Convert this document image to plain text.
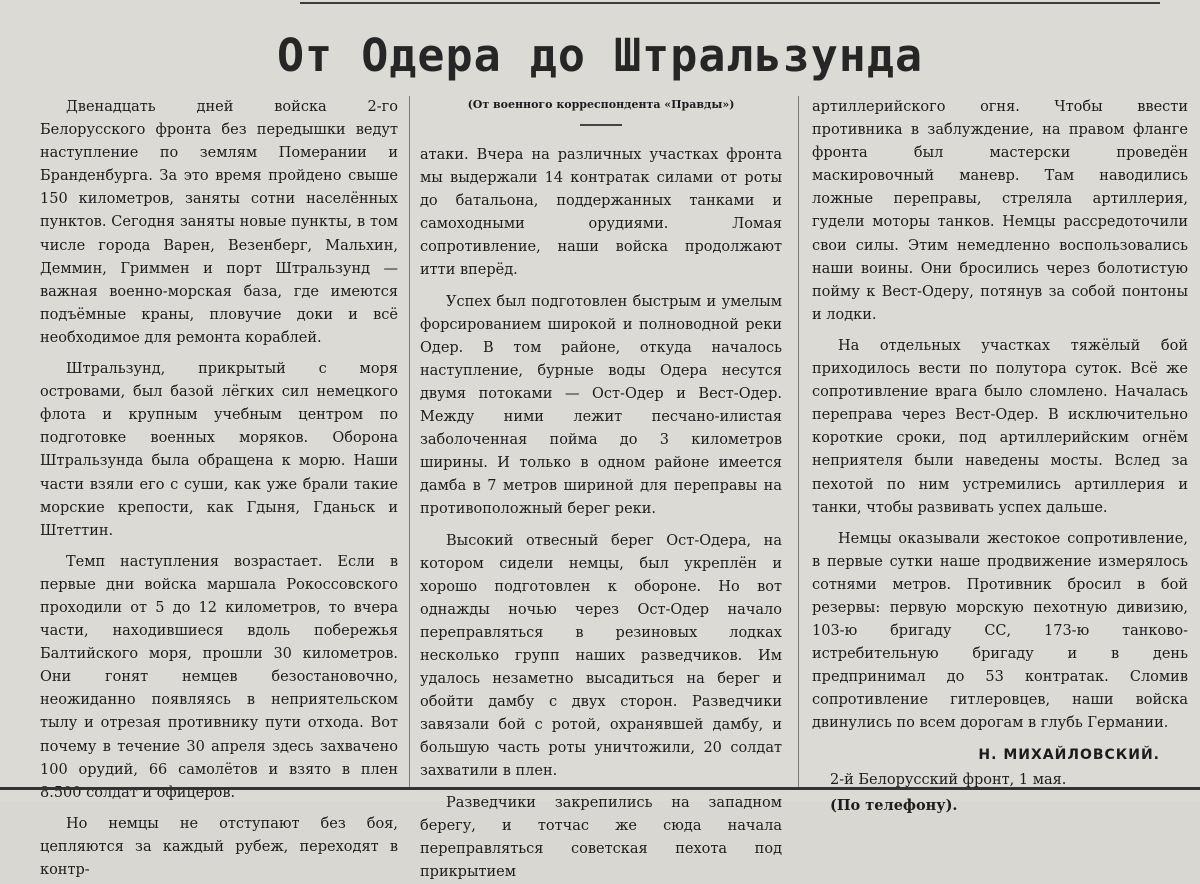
От Одера до Штральзунда

Двенадцать дней войска 2-го Белорусского фронта без передышки ведут наступление по землям Померании и Бранденбурга. За это время пройдено свыше 150 километров, заняты сотни населённых пунктов. Сегодня заняты новые пункты, в том числе города Варен, Везенберг, Мальхин, Деммин, Гриммен и порт Штральзунд — важная военно-морская база, где имеются подъёмные краны, пловучие доки и всё необходимое для ремонта кораблей.

Штральзунд, прикрытый с моря островами, был базой лёгких сил немецкого флота и крупным учебным центром по подготовке военных моряков. Оборона Штральзунда была обращена к морю. Наши части взяли его с суши, как уже брали такие морские крепости, как Гдыня, Гданьск и Штеттин.

Темп наступления возрастает. Если в первые дни войска маршала Рокоссовского проходили от 5 до 12 километров, то вчера части, находившиеся вдоль побережья Балтийского моря, прошли 30 километров. Они гонят немцев безостановочно, неожиданно появляясь в неприятельском тылу и отрезая противнику пути отхода. Вот почему в течение 30 апреля здесь захвачено 100 орудий, 66 самолётов и взято в плен 8.500 солдат и офицеров.

Но немцы не отступают без боя, цепляются за каждый рубеж, переходят в контр-

(От военного корреспондента «Правды»)

атаки. Вчера на различных участках фронта мы выдержали 14 контратак силами от роты до батальона, поддержанных танками и самоходными орудиями. Ломая сопротивление, наши войска продолжают итти вперёд.

Успех был подготовлен быстрым и умелым форсированием широкой и полноводной реки Одер. В том районе, откуда началось наступление, бурные воды Одера несутся двумя потоками — Ост-Одер и Вест-Одер. Между ними лежит песчано-илистая заболоченная пойма до 3 километров ширины. И только в одном районе имеется дамба в 7 метров шириной для переправы на противоположный берег реки.

Высокий отвесный берег Ост-Одера, на котором сидели немцы, был укреплён и хорошо подготовлен к обороне. Но вот однажды ночью через Ост-Одер начало переправляться в резиновых лодках несколько групп наших разведчиков. Им удалось незаметно высадиться на берег и обойти дамбу с двух сторон. Разведчики завязали бой с ротой, охранявшей дамбу, и большую часть роты уничтожили, 20 солдат захватили в плен.

Разведчики закрепились на западном берегу, и тотчас же сюда начала переправляться советская пехота под прикрытием

артиллерийского огня. Чтобы ввести противника в заблуждение, на правом фланге фронта был мастерски проведён маскировочный маневр. Там наводились ложные переправы, стреляла артиллерия, гудели моторы танков. Немцы рассредоточили свои силы. Этим немедленно воспользовались наши воины. Они бросились через болотистую пойму к Вест-Одеру, потянув за собой понтоны и лодки.

На отдельных участках тяжёлый бой приходилось вести по полутора суток. Всё же сопротивление врага было сломлено. Началась переправа через Вест-Одер. В исключительно короткие сроки, под артиллерийским огнём неприятеля были наведены мосты. Вслед за пехотой по ним устремились артиллерия и танки, чтобы развивать успех дальше.

Немцы оказывали жестокое сопротивление, в первые сутки наше продвижение измерялось сотнями метров. Противник бросил в бой резервы: первую морскую пехотную дивизию, 103-ю бригаду СС, 173-ю танково-истребительную бригаду и в день предпринимал до 53 контратак. Сломив сопротивление гитлеровцев, наши войска двинулись по всем дорогам в глубь Германии.

Н. МИХАЙЛОВСКИЙ.
2-й Белорусский фронт, 1 мая.
(По телефону).
